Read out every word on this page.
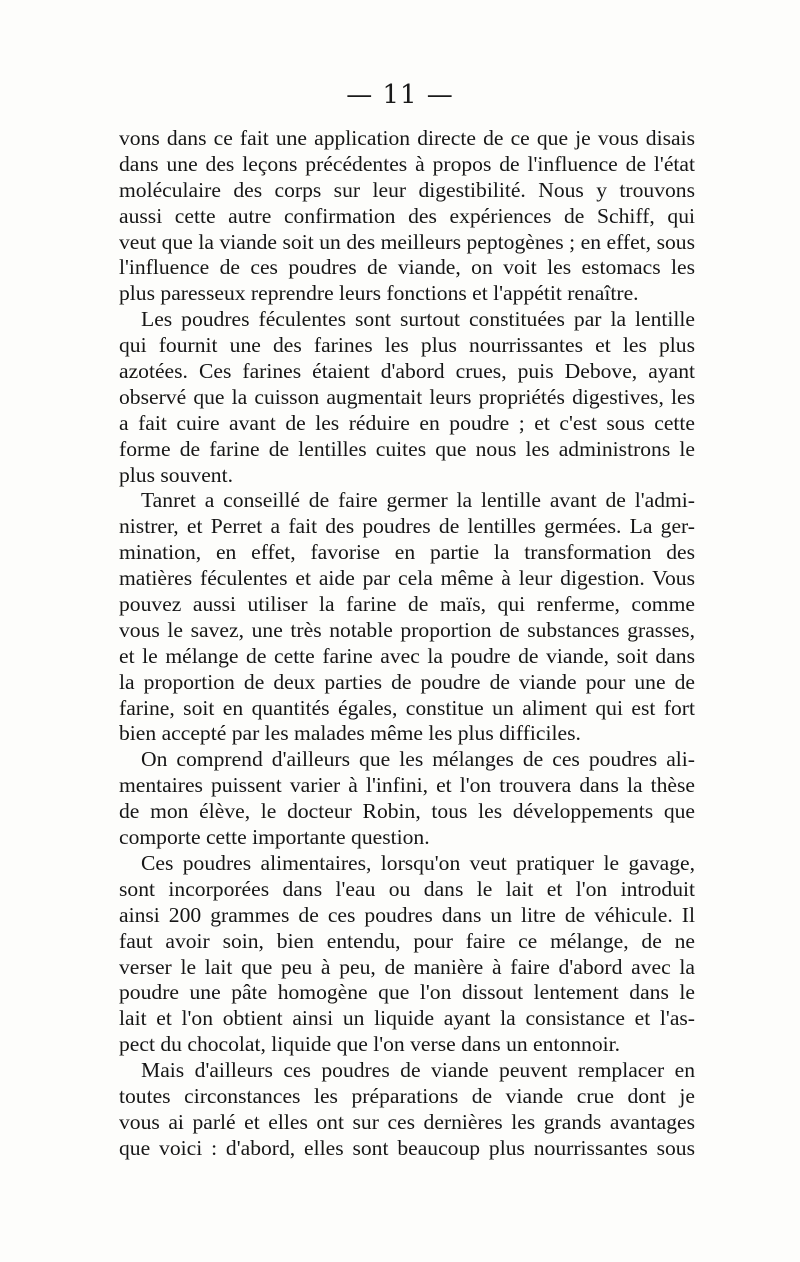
— 11 —
vons dans ce fait une application directe de ce que je vous disais
dans une des leçons précédentes à propos de l'influence de l'état
moléculaire des corps sur leur digestibilité. Nous y trouvons
aussi cette autre confirmation des expériences de Schiff, qui
veut que la viande soit un des meilleurs peptogènes ; en effet, sous
l'influence de ces poudres de viande, on voit les estomacs les
plus paresseux reprendre leurs fonctions et l'appétit renaître.
Les poudres féculentes sont surtout constituées par la lentille
qui fournit une des farines les plus nourrissantes et les plus
azotées. Ces farines étaient d'abord crues, puis Debove, ayant
observé que la cuisson augmentait leurs propriétés digestives, les
a fait cuire avant de les réduire en poudre ; et c'est sous cette
forme de farine de lentilles cuites que nous les administrons le
plus souvent.
Tanret a conseillé de faire germer la lentille avant de l'admi-
nistrer, et Perret a fait des poudres de lentilles germées. La ger-
mination, en effet, favorise en partie la transformation des
matières féculentes et aide par cela même à leur digestion. Vous
pouvez aussi utiliser la farine de maïs, qui renferme, comme
vous le savez, une très notable proportion de substances grasses,
et le mélange de cette farine avec la poudre de viande, soit dans
la proportion de deux parties de poudre de viande pour une de
farine, soit en quantités égales, constitue un aliment qui est fort
bien accepté par les malades même les plus difficiles.
On comprend d'ailleurs que les mélanges de ces poudres ali-
mentaires puissent varier à l'infini, et l'on trouvera dans la thèse
de mon élève, le docteur Robin, tous les développements que
comporte cette importante question.
Ces poudres alimentaires, lorsqu'on veut pratiquer le gavage,
sont incorporées dans l'eau ou dans le lait et l'on introduit
ainsi 200 grammes de ces poudres dans un litre de véhicule. Il
faut avoir soin, bien entendu, pour faire ce mélange, de ne
verser le lait que peu à peu, de manière à faire d'abord avec la
poudre une pâte homogène que l'on dissout lentement dans le
lait et l'on obtient ainsi un liquide ayant la consistance et l'as-
pect du chocolat, liquide que l'on verse dans un entonnoir.
Mais d'ailleurs ces poudres de viande peuvent remplacer en
toutes circonstances les préparations de viande crue dont je
vous ai parlé et elles ont sur ces dernières les grands avantages
que voici : d'abord, elles sont beaucoup plus nourrissantes sous
